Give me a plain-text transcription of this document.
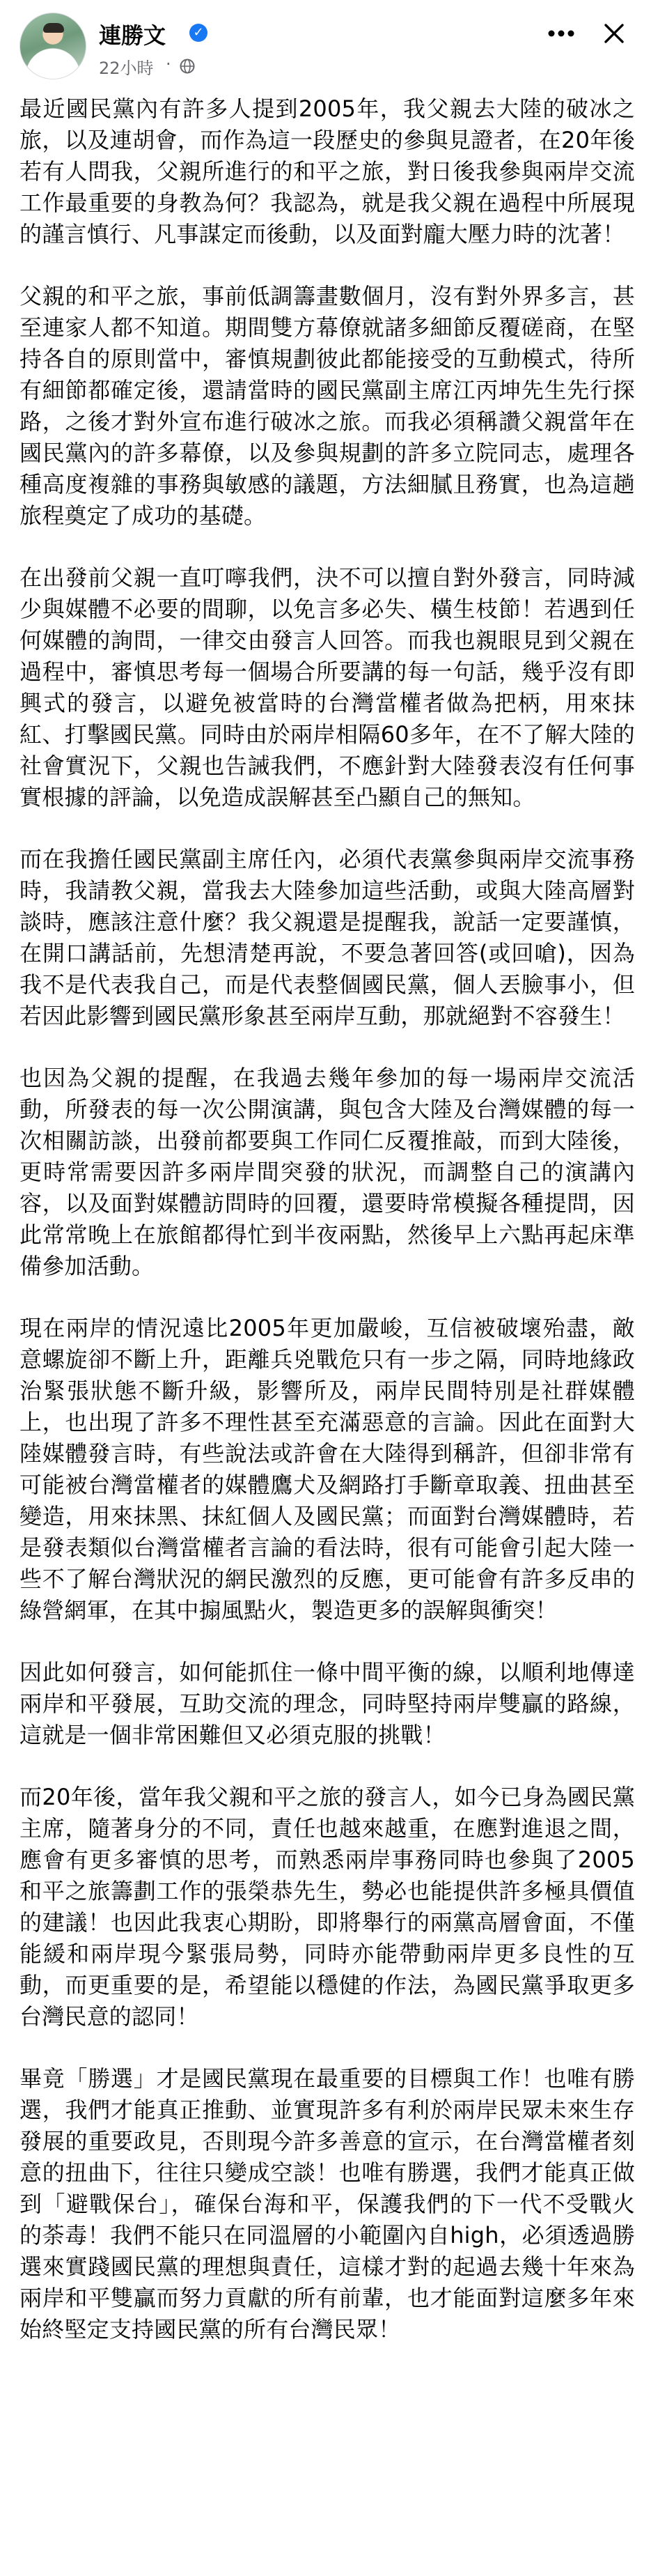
連勝文	✓
22小時 ·

最近國民黨內有許多人提到2005年，我父親去大陸的破冰之旅，以及連胡會，而作為這一段歷史的參與見證者，在20年後若有人問我，父親所進行的和平之旅，對日後我參與兩岸交流工作最重要的身教為何？我認為，就是我父親在過程中所展現的謹言慎行、凡事謀定而後動，以及面對龐大壓力時的沈著！

父親的和平之旅，事前低調籌畫數個月，沒有對外界多言，甚至連家人都不知道。期間雙方幕僚就諸多細節反覆磋商，在堅持各自的原則當中，審慎規劃彼此都能接受的互動模式，待所有細節都確定後，還請當時的國民黨副主席江丙坤先生先行探路，之後才對外宣布進行破冰之旅。而我必須稱讚父親當年在國民黨內的許多幕僚，以及參與規劃的許多立院同志，處理各種高度複雜的事務與敏感的議題，方法細膩且務實，也為這趟旅程奠定了成功的基礎。

在出發前父親一直叮嚀我們，決不可以擅自對外發言，同時減少與媒體不必要的間聊，以免言多必失、橫生枝節！若遇到任何媒體的詢問，一律交由發言人回答。而我也親眼見到父親在過程中，審慎思考每一個場合所要講的每一句話，幾乎沒有即興式的發言，以避免被當時的台灣當權者做為把柄，用來抹紅、打擊國民黨。同時由於兩岸相隔60多年，在不了解大陸的社會實況下，父親也告誡我們，不應針對大陸發表沒有任何事實根據的評論，以免造成誤解甚至凸顯自己的無知。

而在我擔任國民黨副主席任內，必須代表黨參與兩岸交流事務時，我請教父親，當我去大陸參加這些活動，或與大陸高層對談時，應該注意什麼？我父親還是提醒我，說話一定要謹慎，在開口講話前，先想清楚再說，不要急著回答(或回嗆)，因為我不是代表我自己，而是代表整個國民黨，個人丟臉事小，但若因此影響到國民黨形象甚至兩岸互動，那就絕對不容發生！

也因為父親的提醒，在我過去幾年參加的每一場兩岸交流活動，所發表的每一次公開演講，與包含大陸及台灣媒體的每一次相關訪談，出發前都要與工作同仁反覆推敲，而到大陸後，更時常需要因許多兩岸間突發的狀況，而調整自己的演講內容，以及面對媒體訪問時的回覆，還要時常模擬各種提問，因此常常晚上在旅館都得忙到半夜兩點，然後早上六點再起床準備參加活動。

現在兩岸的情況遠比2005年更加嚴峻，互信被破壞殆盡，敵意螺旋卻不斷上升，距離兵兇戰危只有一步之隔，同時地緣政治緊張狀態不斷升級，影響所及，兩岸民間特別是社群媒體上，也出現了許多不理性甚至充滿惡意的言論。因此在面對大陸媒體發言時，有些說法或許會在大陸得到稱許，但卻非常有可能被台灣當權者的媒體鷹犬及網路打手斷章取義、扭曲甚至變造，用來抹黑、抹紅個人及國民黨；而面對台灣媒體時，若是發表類似台灣當權者言論的看法時，很有可能會引起大陸一些不了解台灣狀況的網民激烈的反應，更可能會有許多反串的綠營網軍，在其中搧風點火，製造更多的誤解與衝突！

因此如何發言，如何能抓住一條中間平衡的線，以順利地傳達兩岸和平發展，互助交流的理念，同時堅持兩岸雙贏的路線，這就是一個非常困難但又必須克服的挑戰！

而20年後，當年我父親和平之旅的發言人，如今已身為國民黨主席，隨著身分的不同，責任也越來越重，在應對進退之間，應會有更多審慎的思考，而熟悉兩岸事務同時也參與了2005和平之旅籌劃工作的張榮恭先生，勢必也能提供許多極具價值的建議！也因此我衷心期盼，即將舉行的兩黨高層會面，不僅能緩和兩岸現今緊張局勢，同時亦能帶動兩岸更多良性的互動，而更重要的是，希望能以穩健的作法，為國民黨爭取更多台灣民意的認同！

畢竟「勝選」才是國民黨現在最重要的目標與工作！也唯有勝選，我們才能真正推動、並實現許多有利於兩岸民眾未來生存發展的重要政見，否則現今許多善意的宣示，在台灣當權者刻意的扭曲下，往往只變成空談！也唯有勝選，我們才能真正做到「避戰保台」，確保台海和平，保護我們的下一代不受戰火的荼毒！我們不能只在同溫層的小範圍內自high，必須透過勝選來實踐國民黨的理想與責任，這樣才對的起過去幾十年來為兩岸和平雙贏而努力貢獻的所有前輩，也才能面對這麼多年來始終堅定支持國民黨的所有台灣民眾！
